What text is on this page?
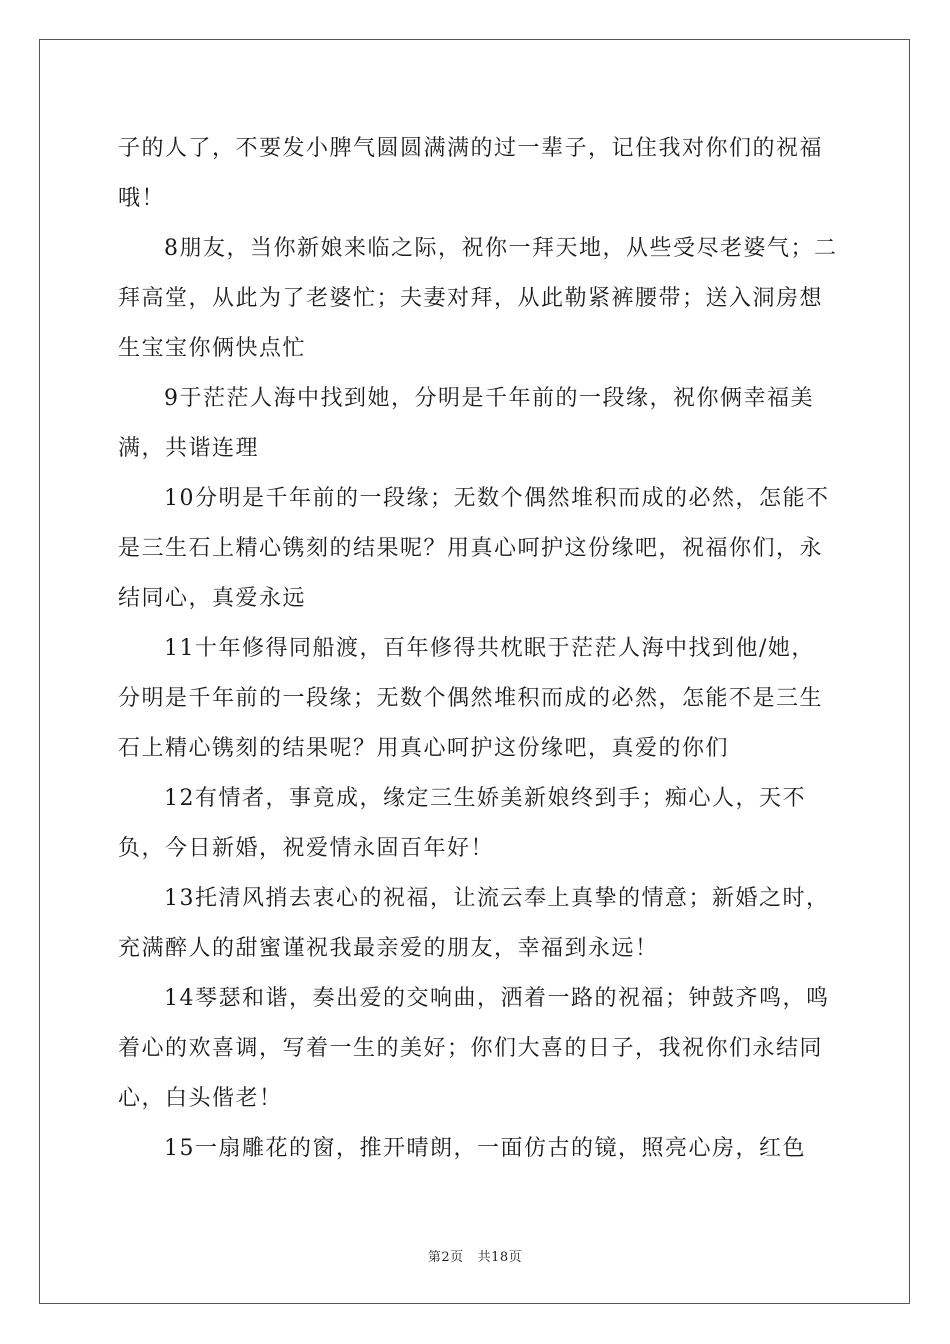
子的人了，不要发小脾气圆圆满满的过一辈子，记住我对你们的祝福哦！

8朋友，当你新娘来临之际，祝你一拜天地，从些受尽老婆气；二拜高堂，从此为了老婆忙；夫妻对拜，从此勒紧裤腰带；送入洞房想生宝宝你俩快点忙

9于茫茫人海中找到她，分明是千年前的一段缘，祝你俩幸福美满，共谐连理

10分明是千年前的一段缘；无数个偶然堆积而成的必然，怎能不是三生石上精心镌刻的结果呢？用真心呵护这份缘吧，祝福你们，永结同心，真爱永远

11十年修得同船渡，百年修得共枕眠于茫茫人海中找到他/她，分明是千年前的一段缘；无数个偶然堆积而成的必然，怎能不是三生石上精心镌刻的结果呢？用真心呵护这份缘吧，真爱的你们

12有情者，事竟成，缘定三生娇美新娘终到手；痴心人，天不负，今日新婚，祝爱情永固百年好！

13托清风捎去衷心的祝福，让流云奉上真挚的情意；新婚之时，充满醉人的甜蜜谨祝我最亲爱的朋友，幸福到永远！

14琴瑟和谐，奏出爱的交响曲，洒着一路的祝福；钟鼓齐鸣，鸣着心的欢喜调，写着一生的美好；你们大喜的日子，我祝你们永结同心，白头偕老！

15一扇雕花的窗，推开晴朗，一面仿古的镜，照亮心房，红色

第2页 共18页
